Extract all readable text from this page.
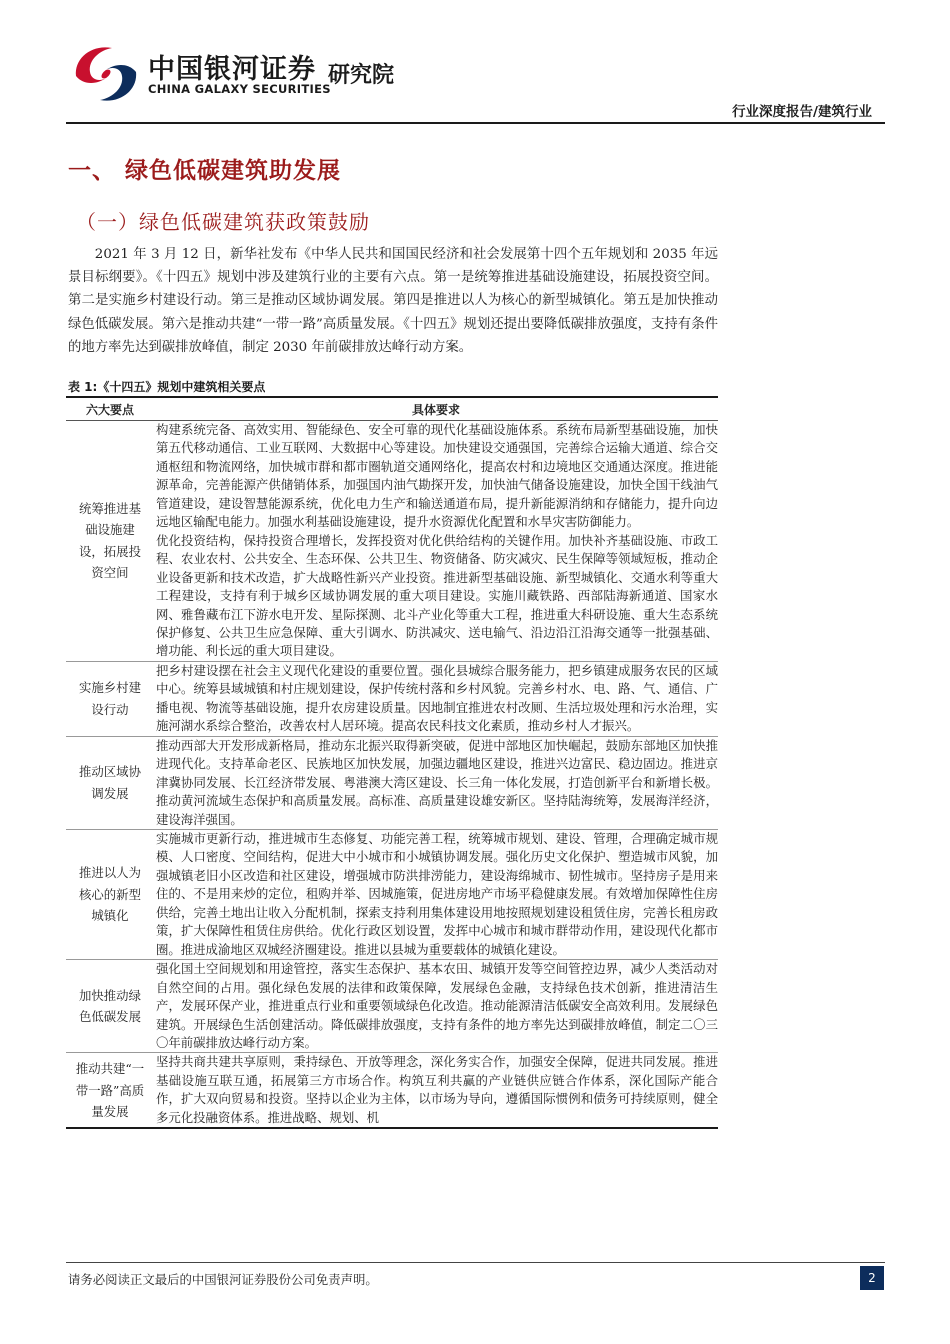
中国银河证券
CHINA GALAXY SECURITIES
研究院
行业深度报告/建筑行业
一、 绿色低碳建筑助发展
（一）绿色低碳建筑获政策鼓励
2021 年 3 月 12 日，新华社发布《中华人民共和国国民经济和社会发展第十四个五年规划和 2035 年远景目标纲要》。《十四五》规划中涉及建筑行业的主要有六点。第一是统筹推进基础设施建设，拓展投资空间。第二是实施乡村建设行动。第三是推动区域协调发展。第四是推进以人为核心的新型城镇化。第五是加快推动绿色低碳发展。第六是推动共建“一带一路”高质量发展。《十四五》规划还提出要降低碳排放强度，支持有条件的地方率先达到碳排放峰值，制定 2030 年前碳排放达峰行动方案。
表 1:《十四五》规划中建筑相关要点
六大要点	具体要求
统筹推进基础设施建设，拓展投资空间
构建系统完备、高效实用、智能绿色、安全可靠的现代化基础设施体系。系统布局新型基础设施，加快第五代移动通信、工业互联网、大数据中心等建设。加快建设交通强国，完善综合运输大通道、综合交通枢纽和物流网络，加快城市群和都市圈轨道交通网络化，提高农村和边境地区交通通达深度。推进能源革命，完善能源产供储销体系，加强国内油气勘探开发，加快油气储备设施建设，加快全国干线油气管道建设，建设智慧能源系统，优化电力生产和输送通道布局，提升新能源消纳和存储能力，提升向边远地区输配电能力。加强水利基础设施建设，提升水资源优化配置和水旱灾害防御能力。
优化投资结构，保持投资合理增长，发挥投资对优化供给结构的关键作用。加快补齐基础设施、市政工程、农业农村、公共安全、生态环保、公共卫生、物资储备、防灾减灾、民生保障等领域短板，推动企业设备更新和技术改造，扩大战略性新兴产业投资。推进新型基础设施、新型城镇化、交通水利等重大工程建设，支持有利于城乡区域协调发展的重大项目建设。实施川藏铁路、西部陆海新通道、国家水网、雅鲁藏布江下游水电开发、星际探测、北斗产业化等重大工程，推进重大科研设施、重大生态系统保护修复、公共卫生应急保障、重大引调水、防洪减灾、送电输气、沿边沿江沿海交通等一批强基础、增功能、利长远的重大项目建设。
实施乡村建设行动
把乡村建设摆在社会主义现代化建设的重要位置。强化县城综合服务能力，把乡镇建成服务农民的区域中心。统筹县域城镇和村庄规划建设，保护传统村落和乡村风貌。完善乡村水、电、路、气、通信、广播电视、物流等基础设施，提升农房建设质量。因地制宜推进农村改厕、生活垃圾处理和污水治理，实施河湖水系综合整治，改善农村人居环境。提高农民科技文化素质，推动乡村人才振兴。
推动区域协调发展
推动西部大开发形成新格局，推动东北振兴取得新突破，促进中部地区加快崛起，鼓励东部地区加快推进现代化。支持革命老区、民族地区加快发展，加强边疆地区建设，推进兴边富民、稳边固边。推进京津冀协同发展、长江经济带发展、粤港澳大湾区建设、长三角一体化发展，打造创新平台和新增长极。推动黄河流域生态保护和高质量发展。高标准、高质量建设雄安新区。坚持陆海统筹，发展海洋经济，建设海洋强国。
推进以人为核心的新型城镇化
实施城市更新行动，推进城市生态修复、功能完善工程，统筹城市规划、建设、管理，合理确定城市规模、人口密度、空间结构，促进大中小城市和小城镇协调发展。强化历史文化保护、塑造城市风貌，加强城镇老旧小区改造和社区建设，增强城市防洪排涝能力，建设海绵城市、韧性城市。坚持房子是用来住的、不是用来炒的定位，租购并举、因城施策，促进房地产市场平稳健康发展。有效增加保障性住房供给，完善土地出让收入分配机制，探索支持利用集体建设用地按照规划建设租赁住房，完善长租房政策，扩大保障性租赁住房供给。优化行政区划设置，发挥中心城市和城市群带动作用，建设现代化都市圈。推进成渝地区双城经济圈建设。推进以县城为重要载体的城镇化建设。
加快推动绿色低碳发展
强化国土空间规划和用途管控，落实生态保护、基本农田、城镇开发等空间管控边界，减少人类活动对自然空间的占用。强化绿色发展的法律和政策保障，发展绿色金融，支持绿色技术创新，推进清洁生产，发展环保产业，推进重点行业和重要领域绿色化改造。推动能源清洁低碳安全高效利用。发展绿色建筑。开展绿色生活创建活动。降低碳排放强度，支持有条件的地方率先达到碳排放峰值，制定二〇三〇年前碳排放达峰行动方案。
推动共建“一带一路”高质量发展
坚持共商共建共享原则，秉持绿色、开放等理念，深化务实合作，加强安全保障，促进共同发展。推进基础设施互联互通，拓展第三方市场合作。构筑互利共赢的产业链供应链合作体系，深化国际产能合作，扩大双向贸易和投资。坚持以企业为主体，以市场为导向，遵循国际惯例和债务可持续原则，健全多元化投融资体系。推进战略、规划、机
请务必阅读正文最后的中国银河证券股份公司免责声明。	2
